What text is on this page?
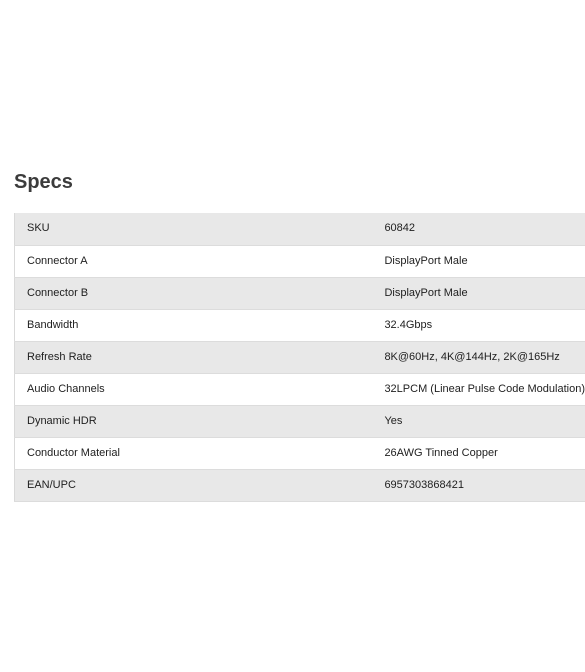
Specs
SKU	60842
Connector A	DisplayPort Male
Connector B	DisplayPort Male
Bandwidth	32.4Gbps
Refresh Rate	8K@60Hz, 4K@144Hz, 2K@165Hz
Audio Channels	32LPCM (Linear Pulse Code Modulation)
Dynamic HDR	Yes
Conductor Material	26AWG Tinned Copper
EAN/UPC	6957303868421
